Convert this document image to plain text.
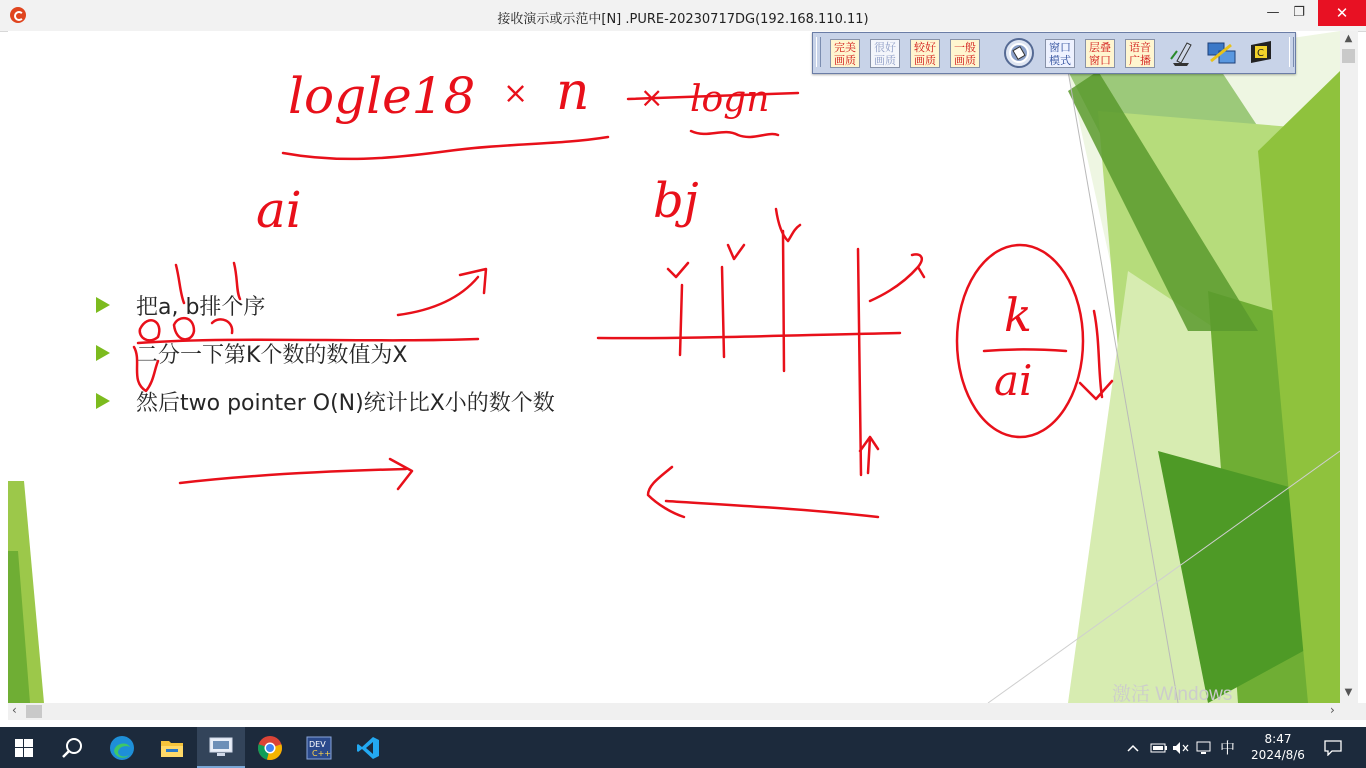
接收演示或示范中[N] .PURE-20230717DG(192.168.110.11)	—	❐	✕
把a, b排个序
二分一下第K个数的数值为X
然后two pointer O(N)统计比X小的数个数
激活 Windows
logle18 × n × logn
ai	bj
k
ai
完美
画质
很好
画质
较好
画质
一般
画质
窗口
模式
层叠
窗口
语音
广播
C
▲
▼
‹	›
DEV
C++	中	8:47
2024/8/6
